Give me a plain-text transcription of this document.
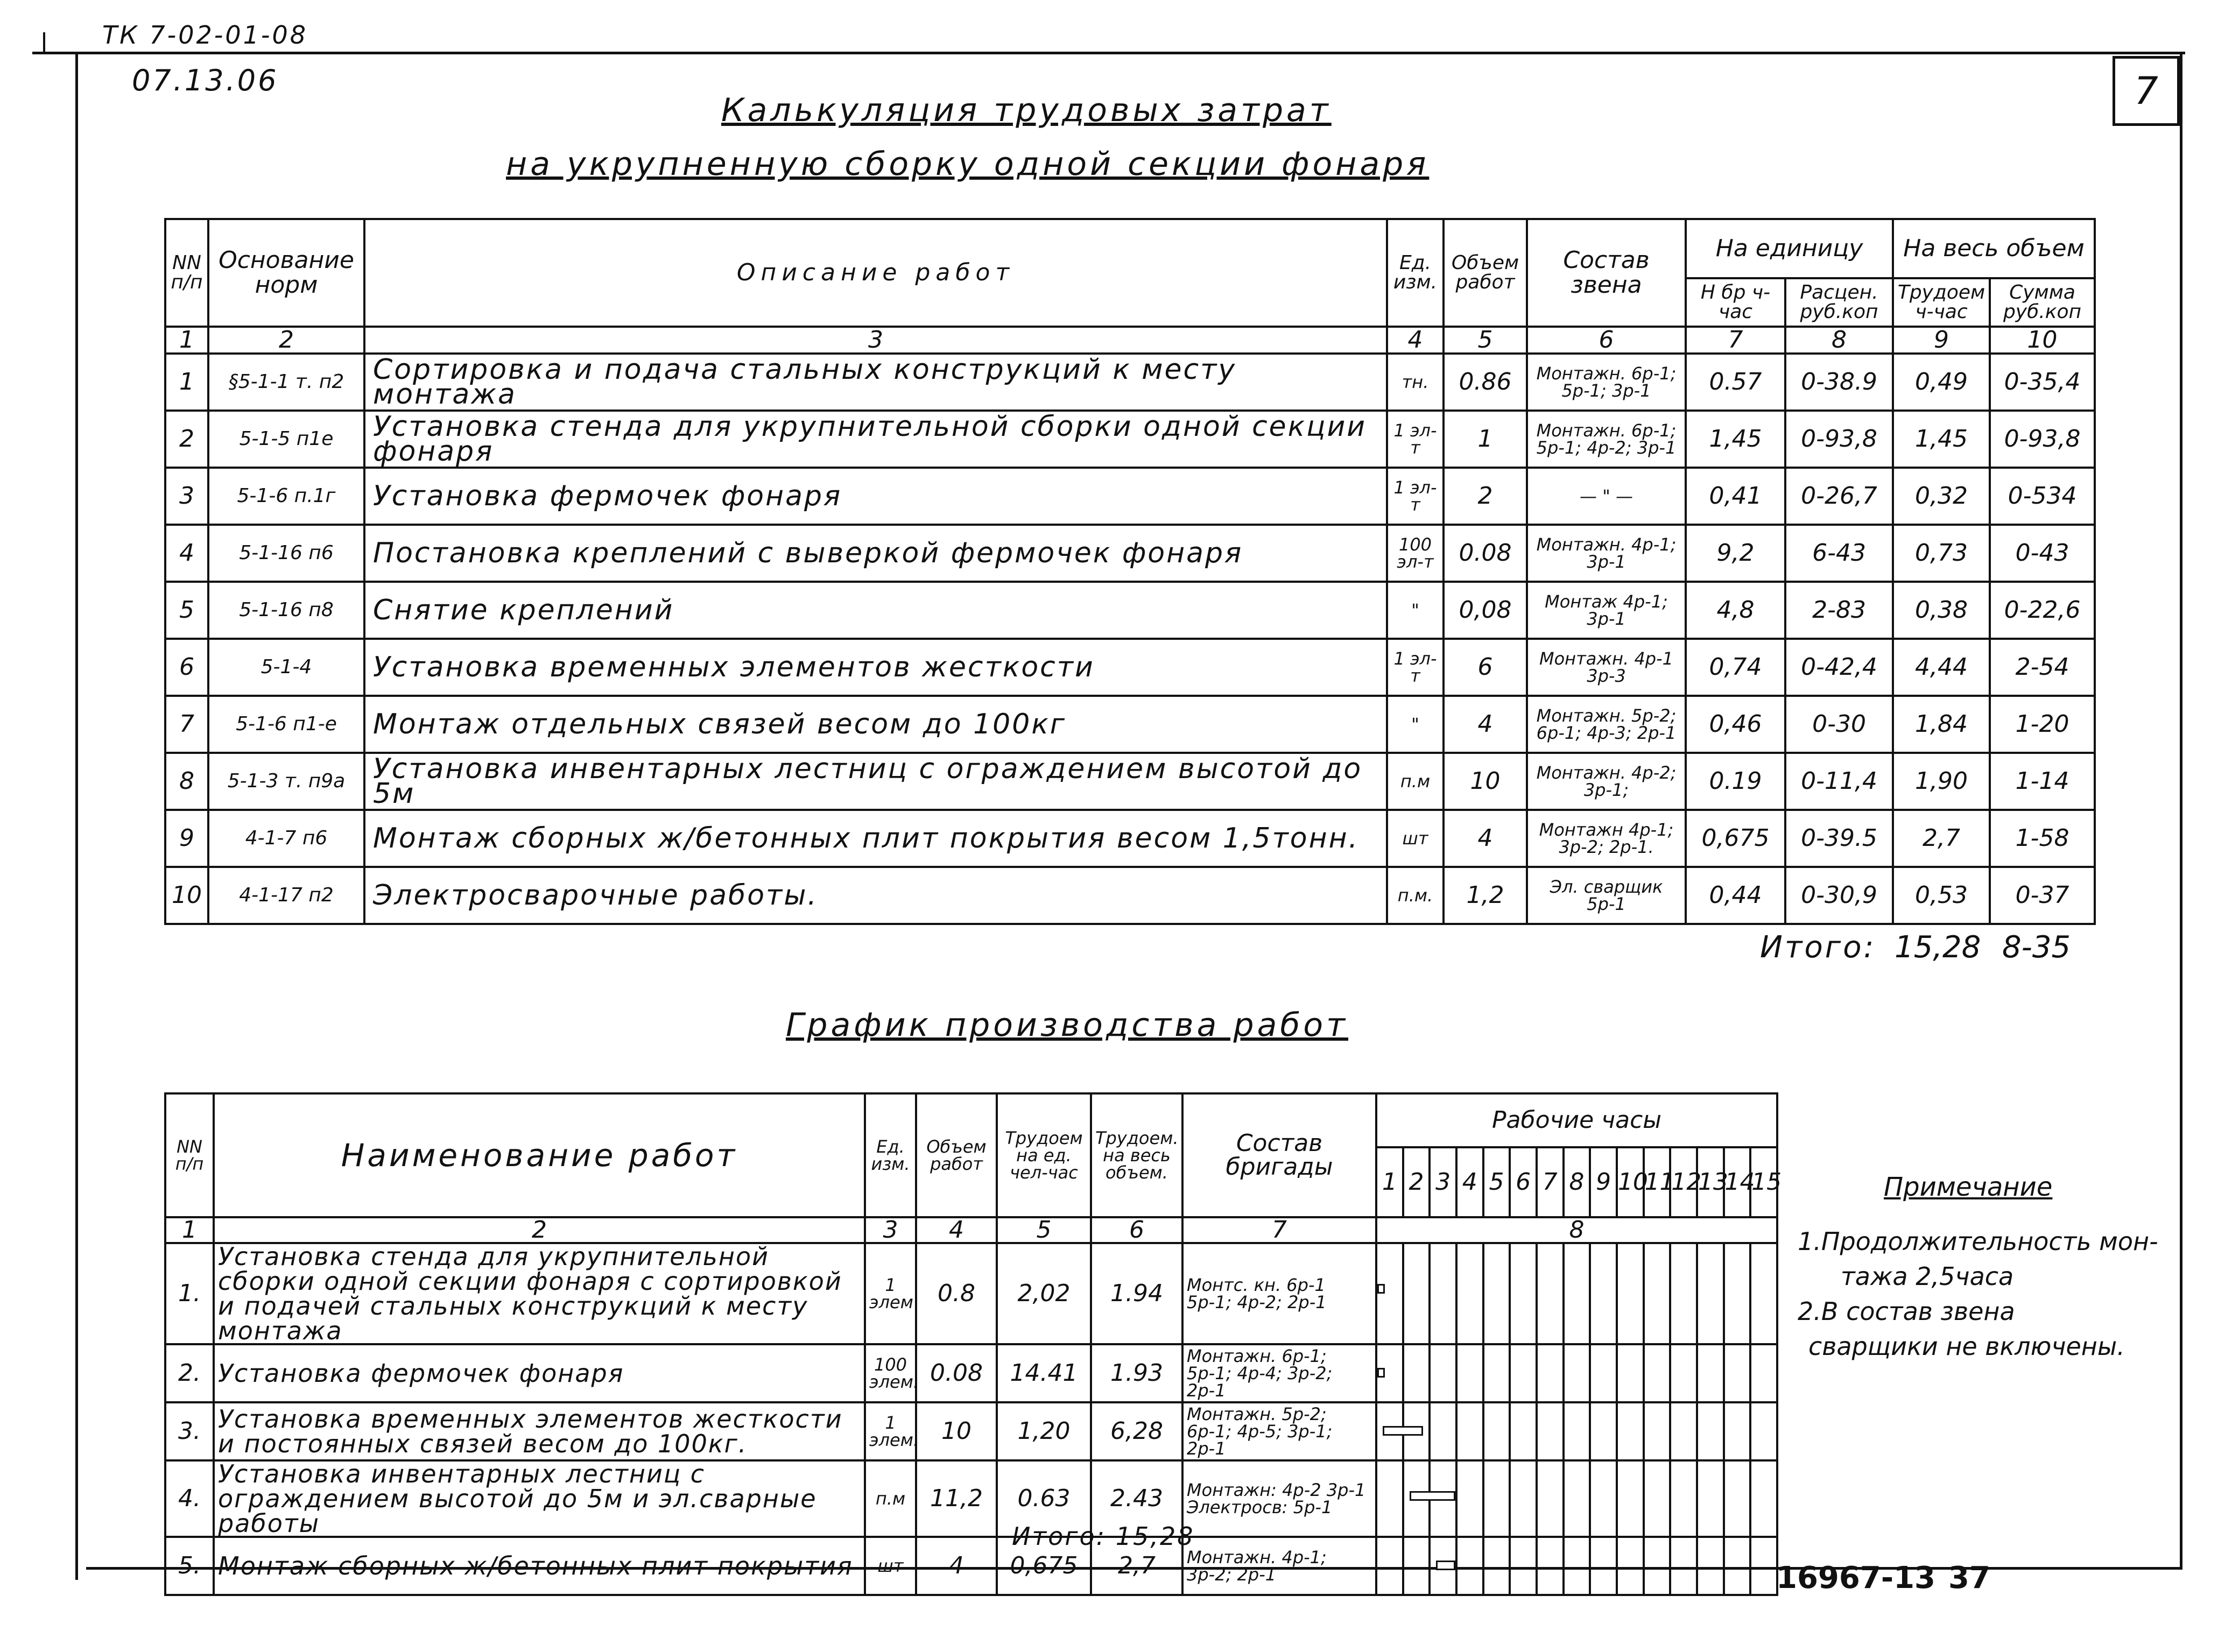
ТК 7-02-01-08
07.13.06	7
Калькуляция трудовых затрат
на укрупненную сборку одной секции фонаря
NN п/п	Основание норм	Описание работ	Ед. изм.	Объем работ	Состав звена	На единицу		На весь объем	
						Н бр ч-час	Расцен. руб.коп	Трудоем ч-час	Сумма руб.коп
1	2	3	4	5	6	7	8	9	10
1	§5-1-1 т. п2	Сортировка и подача стальных конструкций к месту монтажа	тн.	0.86	Монтажн. 6р-1; 5р-1; 3р-1	0.57	0-38.9	0,49	0-35,4
2	5-1-5 п1е	Установка стенда для укрупнительной сборки одной секции фонаря	1 эл-т	1	Монтажн. 6р-1; 5р-1; 4р-2; 3р-1	1,45	0-93,8	1,45	0-93,8
3	5-1-6 п.1г	Установка фермочек фонаря	1 эл-т	2	— " —	0,41	0-26,7	0,32	0-534
4	5-1-16 п6	Постановка креплений с выверкой фермочек фонаря	100 эл-т	0.08	Монтажн. 4р-1; 3р-1	9,2	6-43	0,73	0-43
5	5-1-16 п8	Снятие креплений	"	0,08	Монтаж 4р-1; 3р-1	4,8	2-83	0,38	0-22,6
6	5-1-4	Установка временных элементов жесткости	1 эл-т	6	Монтажн. 4р-1 3р-3	0,74	0-42,4	4,44	2-54
7	5-1-6 п1-е	Монтаж отдельных связей весом до 100кг	"	4	Монтажн. 5р-2; 6р-1; 4р-3; 2р-1	0,46	0-30	1,84	1-20
8	5-1-3 т. п9а	Установка инвентарных лестниц с ограждением высотой до 5м	п.м	10	Монтажн. 4р-2; 3р-1;	0.19	0-11,4	1,90	1-14
9	4-1-7 п6	Монтаж сборных ж/бетонных плит покрытия весом 1,5тонн.	шт	4	Монтажн 4р-1; 3р-2; 2р-1.	0,675	0-39.5	2,7	1-58
10	4-1-17 п2	Электросварочные работы.	п.м.	1,2	Эл. сварщик 5р-1	0,44	0-30,9	0,53	0-37
Итого: 15,28 8-35
График производства работ
NN п/п	Наименование работ	Ед. изм.	Объем работ	Трудоем на ед. чел-час	Трудоем. на весь объем.	Состав бригады	Рабочие часы														
							1	2	3	4	5	6	7	8	9	10	11	12	13	14	15
1	2	3	4	5	6	7	8														
1.	Установка стенда для укрупнительной сборки одной секции фонаря с сортировкой и подачей стальных конструкций к месту монтажа	1 элем	0.8	2,02	1.94	Монтс. кн. 6р-1 5р-1; 4р-2; 2р-1	

2.	Установка фермочек фонаря	100 элем.	0.08	14.41	1.93	Монтажн. 6р-1; 5р-1; 4р-4; 3р-2; 2р-1	

3.	Установка временных элементов жесткости и постоянных связей весом до 100кг.	1 элем.	10	1,20	6,28	Монтажн. 5р-2; 6р-1; 4р-5; 3р-1; 2р-1	

4.	Установка инвентарных лестниц с ограждением высотой до 5м и эл.сварные работы	п.м	11,2	0.63	2.43	Монтажн: 4р-2 3р-1 Электросв: 5р-1	

5.	Монтаж сборных ж/бетонных плит покрытия	шт	4	0,675	2,7	Монтажн. 4р-1; 3р-2; 2р-1	

Итого: 15,28
Примечание
1.Продолжительность мон-
тажа 2,5часа
2.В состав звена
сварщики не включены.
16967-13 37
